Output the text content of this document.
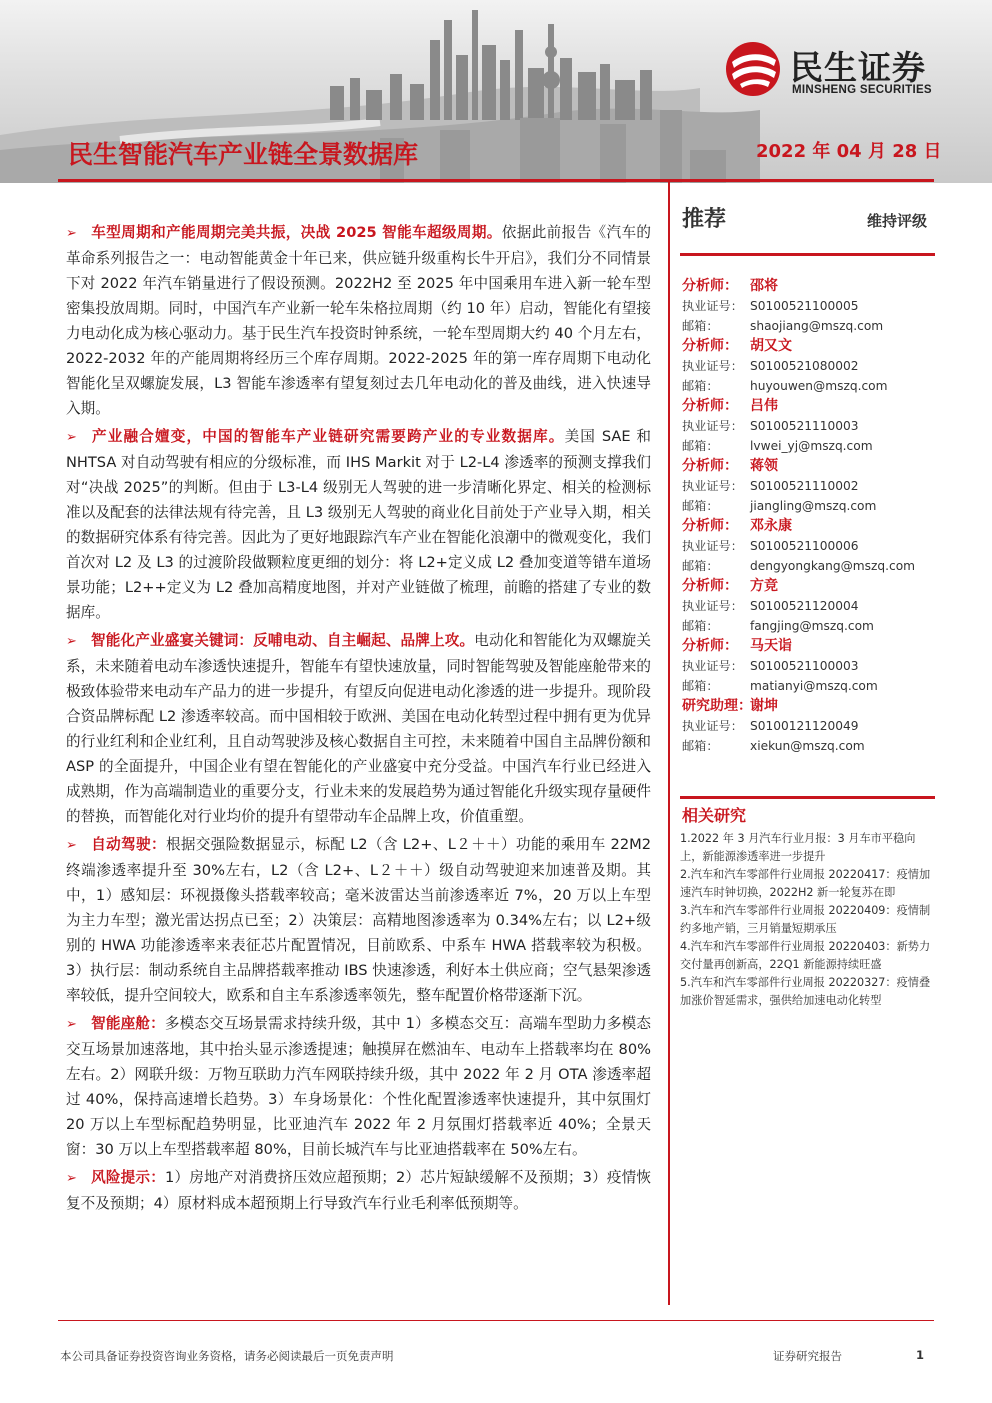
民生证券
MINSHENG SECURITIES
民生智能汽车产业链全景数据库	2022 年 04 月 28 日

➢ 车型周期和产能周期完美共振，决战 2025 智能车超级周期。依据此前报告《汽车的革命系列报告之一：电动智能黄金十年已来，供应链升级重构长牛开启》，我们分不同情景下对 2022 年汽车销量进行了假设预测。2022H2 至 2025 年中国乘用车进入新一轮车型密集投放周期。同时，中国汽车产业新一轮车朱格拉周期（约 10 年）启动，智能化有望接力电动化成为核心驱动力。基于民生汽车投资时钟系统，一轮车型周期大约 40 个月左右，2022-2032 年的产能周期将经历三个库存周期。2022-2025 年的第一库存周期下电动化智能化呈双螺旋发展，L3 智能车渗透率有望复刻过去几年电动化的普及曲线，进入快速导入期。

➢ 产业融合嬗变，中国的智能车产业链研究需要跨产业的专业数据库。美国 SAE 和 NHTSA 对自动驾驶有相应的分级标准，而 IHS Markit 对于 L2-L4 渗透率的预测支撑我们对“决战 2025”的判断。但由于 L3-L4 级别无人驾驶的进一步清晰化界定、相关的检测标准以及配套的法律法规有待完善，且 L3 级别无人驾驶的商业化目前处于产业导入期，相关的数据研究体系有待完善。因此为了更好地跟踪汽车产业在智能化浪潮中的微观变化，我们首次对 L2 及 L3 的过渡阶段做颗粒度更细的划分：将 L2+定义成 L2 叠加变道等错车道场景功能；L2++定义为 L2 叠加高精度地图，并对产业链做了梳理，前瞻的搭建了专业的数据库。

➢ 智能化产业盛宴关键词：反哺电动、自主崛起、品牌上攻。电动化和智能化为双螺旋关系，未来随着电动车渗透快速提升，智能车有望快速放量，同时智能驾驶及智能座舱带来的极致体验带来电动车产品力的进一步提升，有望反向促进电动化渗透的进一步提升。现阶段合资品牌标配 L2 渗透率较高。而中国相较于欧洲、美国在电动化转型过程中拥有更为优异的行业红利和企业红利，且自动驾驶涉及核心数据自主可控，未来随着中国自主品牌份额和 ASP 的全面提升，中国企业有望在智能化的产业盛宴中充分受益。中国汽车行业已经进入成熟期，作为高端制造业的重要分支，行业未来的发展趋势为通过智能化升级实现存量硬件的替换，而智能化对行业均价的提升有望带动车企品牌上攻，价值重塑。

➢ 自动驾驶：根据交强险数据显示，标配 L2（含 L2+、L２＋＋）功能的乘用车 22M2 终端渗透率提升至 30%左右，L2（含 L2+、L２＋＋）级自动驾驶迎来加速普及期。其中，1）感知层：环视摄像头搭载率较高；毫米波雷达当前渗透率近 7%，20 万以上车型为主力车型；激光雷达拐点已至；2）决策层：高精地图渗透率为 0.34%左右；以 L2+级别的 HWA 功能渗透率来表征芯片配置情况，目前欧系、中系车 HWA 搭载率较为积极。3）执行层：制动系统自主品牌搭载率推动 IBS 快速渗透，利好本土供应商；空气悬架渗透率较低，提升空间较大，欧系和自主车系渗透率领先，整车配置价格带逐渐下沉。

➢ 智能座舱：多模态交互场景需求持续升级，其中 1）多模态交互：高端车型助力多模态交互场景加速落地，其中抬头显示渗透提速；触摸屏在燃油车、电动车上搭载率均在 80%左右。2）网联升级：万物互联助力汽车网联持续升级，其中 2022 年 2 月 OTA 渗透率超过 40%，保持高速增长趋势。3）车身场景化：个性化配置渗透率快速提升，其中氛围灯 20 万以上车型标配趋势明显，比亚迪汽车 2022 年 2 月氛围灯搭载率近 40%；全景天窗：30 万以上车型搭载率超 80%，目前长城汽车与比亚迪搭载率在 50%左右。

➢ 风险提示：1）房地产对消费挤压效应超预期；2）芯片短缺缓解不及预期；3）疫情恢复不及预期；4）原材料成本超预期上行导致汽车行业毛利率低预期等。

推荐	维持评级
分析师： 邵将
执业证号： S0100521100005
邮箱：	shaojiang@mszq.com
分析师： 胡又文
执业证号： S0100521080002
邮箱：	huyouwen@mszq.com
分析师： 吕伟
执业证号： S0100521110003
邮箱：	lvwei_yj@mszq.com
分析师： 蒋领
执业证号： S0100521110002
邮箱：	jiangling@mszq.com
分析师： 邓永康
执业证号： S0100521100006
邮箱：	dengyongkang@mszq.com
分析师： 方竞
执业证号： S0100521120004
邮箱：	fangjing@mszq.com
分析师： 马天诣
执业证号： S0100521100003
邮箱：	matianyi@mszq.com
研究助理：
谢坤
执业证号： S0100121120049
邮箱：	xiekun@mszq.com
相关研究
1.2022 年 3 月汽车行业月报：3 月车市平稳向上，新能源渗透率进一步提升
2.汽车和汽车零部件行业周报 20220417：疫情加速汽车时钟切换，2022H2 新一轮复苏在即
3.汽车和汽车零部件行业周报 20220409：疫情制约多地产销，三月销量短期承压
4.汽车和汽车零部件行业周报 20220403：新势力交付量再创新高，22Q1 新能源持续旺盛
5.汽车和汽车零部件行业周报 20220327：疫情叠加涨价智延需求，强供给加速电动化转型
本公司具备证券投资咨询业务资格，请务必阅读最后一页免责声明	证券研究报告	1
